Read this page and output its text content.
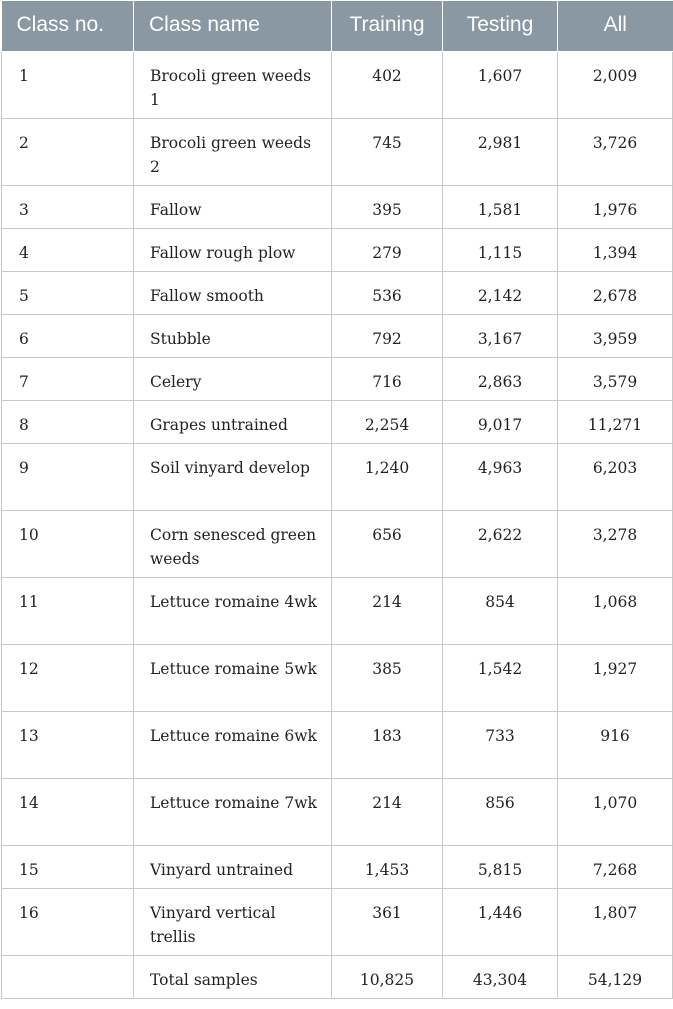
Class no.	Class name	Training	Testing	All
1	Brocoli green weeds 1	402	1,607	2,009
2	Brocoli green weeds 2	745	2,981	3,726
3	Fallow	395	1,581	1,976
4	Fallow rough plow	279	1,115	1,394
5	Fallow smooth	536	2,142	2,678
6	Stubble	792	3,167	3,959
7	Celery	716	2,863	3,579
8	Grapes untrained	2,254	9,017	11,271
9	Soil vinyard develop	1,240	4,963	6,203
10	Corn senesced green weeds	656	2,622	3,278
11	Lettuce romaine 4wk	214	854	1,068
12	Lettuce romaine 5wk	385	1,542	1,927
13	Lettuce romaine 6wk	183	733	916
14	Lettuce romaine 7wk	214	856	1,070
15	Vinyard untrained	1,453	5,815	7,268
16	Vinyard vertical trellis	361	1,446	1,807
	Total samples	10,825	43,304	54,129
